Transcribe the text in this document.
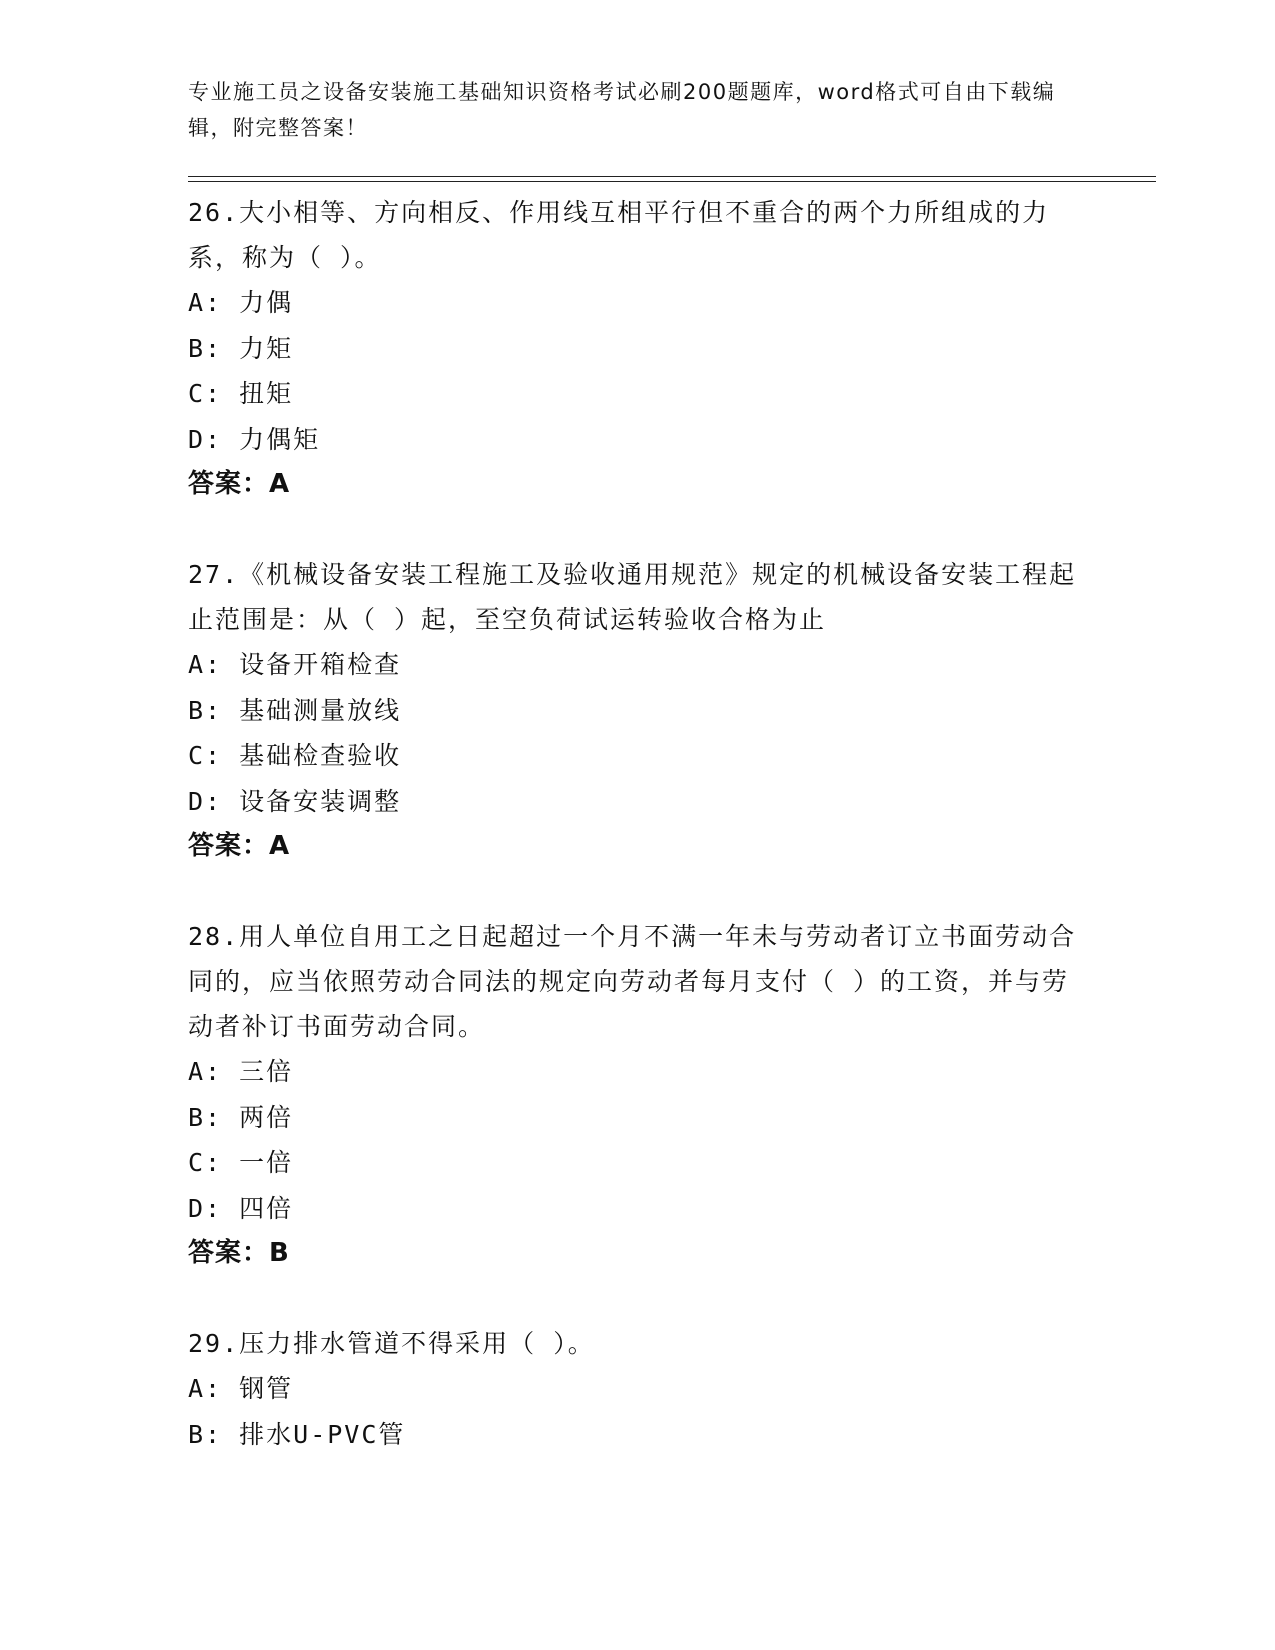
专业施工员之设备安装施工基础知识资格考试必刷200题题库，word格式可自由下载编辑，附完整答案！
26.大小相等、方向相反、作用线互相平行但不重合的两个力所组成的力系，称为（ ）。
A: 力偶
B: 力矩
C: 扭矩
D: 力偶矩
答案：A
27.《机械设备安装工程施工及验收通用规范》规定的机械设备安装工程起止范围是：从（ ）起，至空负荷试运转验收合格为止
A: 设备开箱检查
B: 基础测量放线
C: 基础检查验收
D: 设备安装调整
答案：A
28.用人单位自用工之日起超过一个月不满一年未与劳动者订立书面劳动合同的，应当依照劳动合同法的规定向劳动者每月支付（ ）的工资，并与劳动者补订书面劳动合同。
A: 三倍
B: 两倍
C: 一倍
D: 四倍
答案：B
29.压力排水管道不得采用（ ）。
A: 钢管
B: 排水U-PVC管
